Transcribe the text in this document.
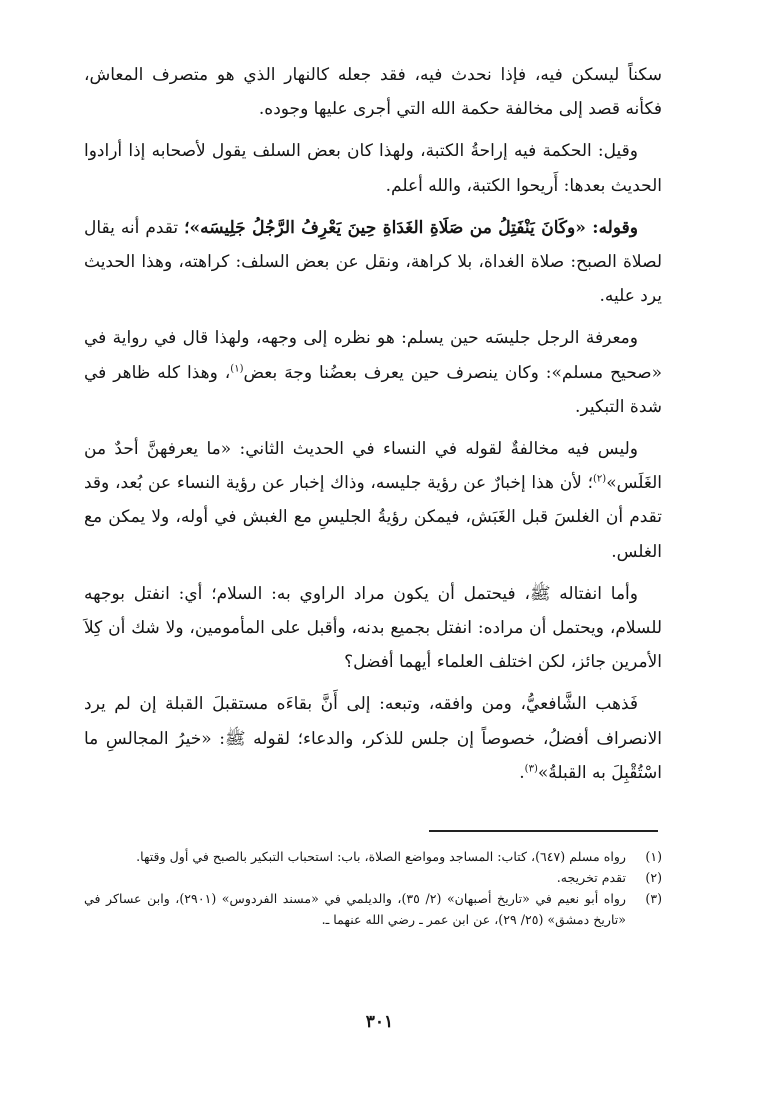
سكناً ليسكن فيه، فإذا نحدث فيه، فقد جعله كالنهار الذي هو متصرف المعاش، فكأنه قصد إلى مخالفة حكمة الله التي أجرى عليها وجوده.

وقيل: الحكمة فيه إراحةُ الكتبة، ولهذا كان بعض السلف يقول لأصحابه إذا أرادوا الحديث بعدها: أَريحوا الكتبة، والله أعلم.

وقوله: «وكَانَ يَنْفَتِلُ من صَلَاةِ الغَدَاةِ حِينَ يَعْرِفُ الرَّجُلُ جَلِيسَه»؛ تقدم أنه يقال لصلاة الصبح: صلاة الغداة، بلا كراهة، ونقل عن بعض السلف: كراهته، وهذا الحديث يرد عليه.

ومعرفة الرجل جليسَه حين يسلم: هو نظره إلى وجهه، ولهذا قال في رواية في «صحيح مسلم»: وكان ينصرف حين يعرف بعضُنا وجهَ بعض$^{(١)}$، وهذا كله ظاهر في شدة التبكير.

وليس فيه مخالفةٌ لقوله في النساء في الحديث الثاني: «ما يعرفهنَّ أحدٌ من الغَلَس»$^{(٢)}$؛ لأن هذا إخبارٌ عن رؤية جليسه، وذاك إخبار عن رؤية النساء عن بُعد، وقد تقدم أن الغلسَ قبل الغَبَش، فيمكن رؤيةُ الجليسِ مع الغبش في أوله، ولا يمكن مع الغلس.

وأما انفتاله ﷺ، فيحتمل أن يكون مراد الراوي به: السلام؛ أي: انفتل بوجهه للسلام، ويحتمل أن مراده: انفتل بجميع بدنه، وأقبل على المأمومين، ولا شك أن كِلاَ الأمرين جائز، لكن اختلف العلماء أيهما أفضل؟

فَذهب الشَّافعيُّ، ومن وافقه، وتبعه: إلى أَنَّ بقاءَه مستقبلَ القبلة إن لم يرد الانصراف أفضلُ، خصوصاً إن جلس للذكر، والدعاء؛ لقوله ﷺ: «خيرُ المجالسِ ما اسْتُقْبِلَ به القبلةُ»$^{(٣)}$.

(١)
رواه مسلم (٦٤٧)، كتاب: المساجد ومواضع الصلاة، باب: استحباب التبكير بالصبح في أول وقتها.
(٢)
تقدم تخريجه.
(٣)
رواه أبو نعيم في «تاريخ أصبهان» (٢/ ٣٥)، والديلمي في «مسند الفردوس» (٢٩٠١)، وابن عساكر في «تاريخ دمشق» (٢٥/ ٢٩)، عن ابن عمر ـ رضي الله عنهما ـ.
٣٠١
